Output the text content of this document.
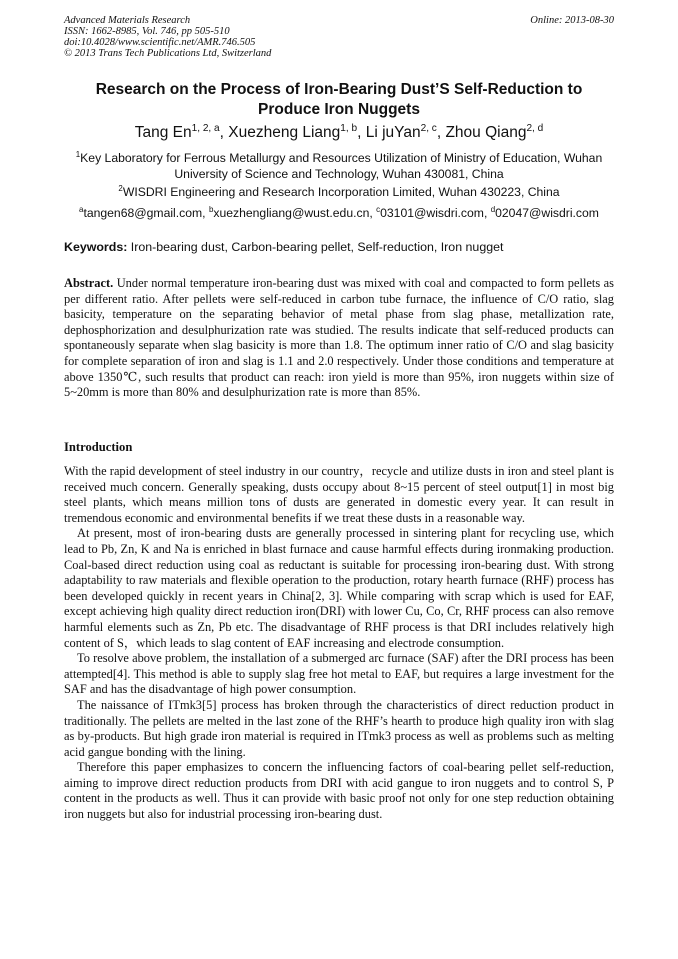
Advanced Materials Research
ISSN: 1662-8985, Vol. 746, pp 505-510
doi:10.4028/www.scientific.net/AMR.746.505
© 2013 Trans Tech Publications Ltd, Switzerland
Online: 2013-08-30
Research on the Process of Iron-Bearing Dust’S Self-Reduction to Produce Iron Nuggets
Tang En$^{1, 2, a}$, Xuezheng Liang$^{1, b}$, Li juYan$^{2, c}$, Zhou Qiang$^{2, d}$
$^1$Key Laboratory for Ferrous Metallurgy and Resources Utilization of Ministry of Education, Wuhan University of Science and Technology, Wuhan 430081, China
$^2$WISDRI Engineering and Research Incorporation Limited, Wuhan 430223, China
$^a$tangen68@gmail.com, $^b$xuezhengliang@wust.edu.cn, $^c$03101@wisdri.com, $^d$02047@wisdri.com
Keywords: Iron-bearing dust, Carbon-bearing pellet, Self-reduction, Iron nugget
Abstract. Under normal temperature iron-bearing dust was mixed with coal and compacted to form pellets as per different ratio. After pellets were self-reduced in carbon tube furnace, the influence of C/O ratio, slag basicity, temperature on the separating behavior of metal phase from slag phase, metallization rate, dephosphorization and desulphurization rate was studied. The results indicate that self-reduced products can spontaneously separate when slag basicity is more than 1.8. The optimum inner ratio of C/O and slag basicity for complete separation of iron and slag is 1.1 and 2.0 respectively. Under those conditions and temperature at above 1350℃, such results that product can reach: iron yield is more than 95%, iron nuggets within size of 5~20mm is more than 80% and desulphurization rate is more than 85%.
Introduction

With the rapid development of steel industry in our country，recycle and utilize dusts in iron and steel plant is received much concern. Generally speaking, dusts occupy about 8~15 percent of steel output[1] in most big steel plants, which means million tons of dusts are generated in domestic every year. It can result in tremendous economic and environmental benefits if we treat these dusts in a reasonable way.

At present, most of iron-bearing dusts are generally processed in sintering plant for recycling use, which lead to Pb, Zn, K and Na is enriched in blast furnace and cause harmful effects during ironmaking production. Coal-based direct reduction using coal as reductant is suitable for processing iron-bearing dust. With strong adaptability to raw materials and flexible operation to the production, rotary hearth furnace (RHF) process has been developed quickly in recent years in China[2, 3]. While comparing with scrap which is used for EAF, except achieving high quality direct reduction iron(DRI) with lower Cu, Co, Cr, RHF process can also remove harmful elements such as Zn, Pb etc. The disadvantage of RHF process is that DRI includes relatively high content of S，which leads to slag content of EAF increasing and electrode consumption.

To resolve above problem, the installation of a submerged arc furnace (SAF) after the DRI process has been attempted[4]. This method is able to supply slag free hot metal to EAF, but requires a large investment for the SAF and has the disadvantage of high power consumption.

The naissance of ITmk3[5] process has broken through the characteristics of direct reduction product in traditionally. The pellets are melted in the last zone of the RHF’s hearth to produce high quality iron with slag as by-products. But high grade iron material is required in ITmk3 process as well as problems such as melting acid gangue bonding with the lining.

Therefore this paper emphasizes to concern the influencing factors of coal-bearing pellet self-reduction, aiming to improve direct reduction products from DRI with acid gangue to iron nuggets and to control S, P content in the products as well. Thus it can provide with basic proof not only for one step reduction obtaining iron nuggets but also for industrial processing iron-bearing dust.
